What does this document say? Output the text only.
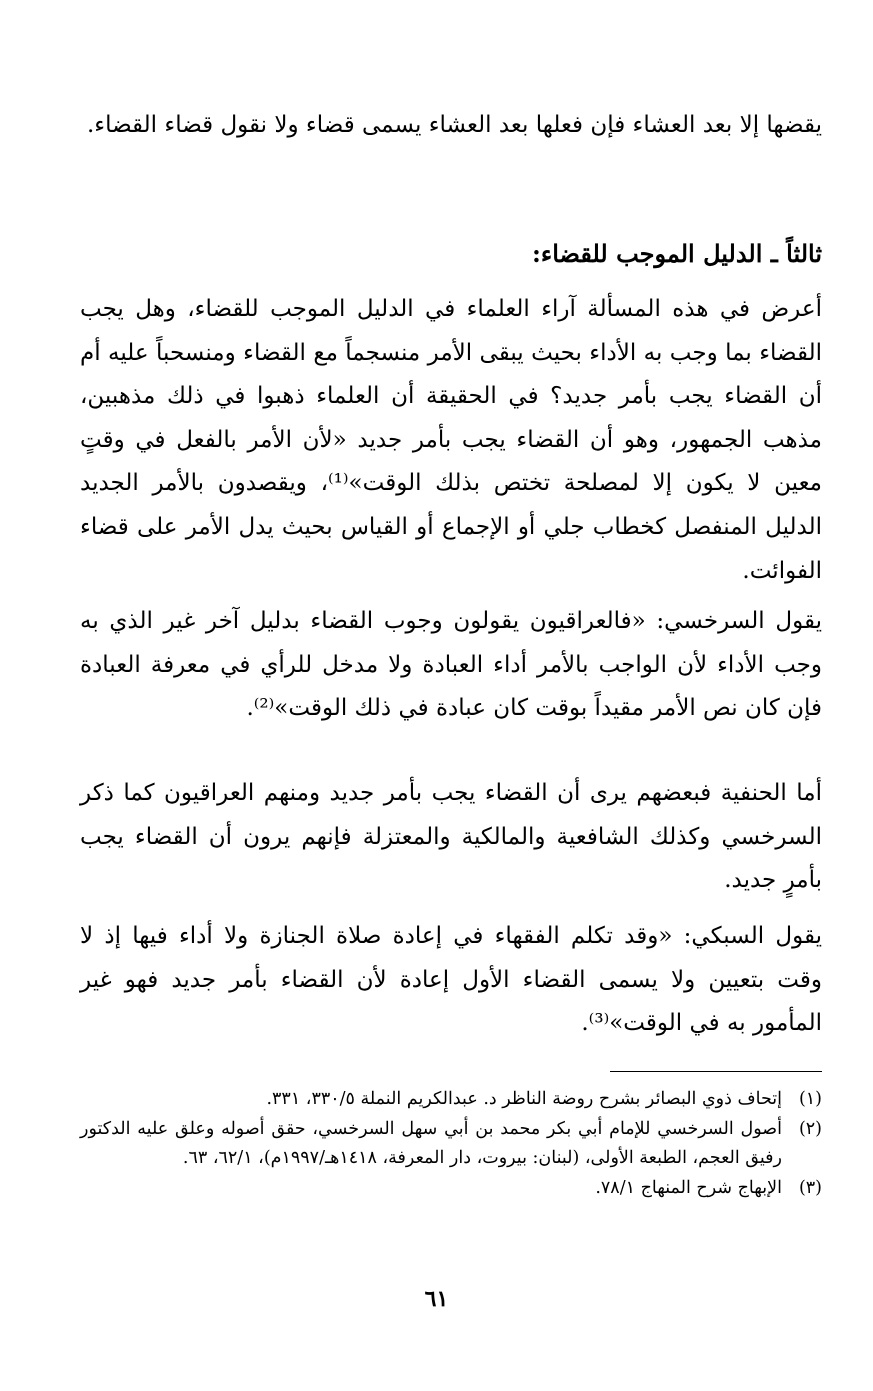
يقضها إلا بعد العشاء فإن فعلها بعد العشاء يسمى قضاء ولا نقول قضاء القضاء.

ثالثاً ـ الدليل الموجب للقضاء:

أعرض في هذه المسألة آراء العلماء في الدليل الموجب للقضاء، وهل يجب القضاء بما وجب به الأداء بحيث يبقى الأمر منسجماً مع القضاء ومنسحباً عليه أم أن القضاء يجب بأمر جديد؟ في الحقيقة أن العلماء ذهبوا في ذلك مذهبين، مذهب الجمهور، وهو أن القضاء يجب بأمر جديد «لأن الأمر بالفعل في وقتٍ معين لا يكون إلا لمصلحة تختص بذلك الوقت»⁽¹⁾، ويقصدون بالأمر الجديد الدليل المنفصل كخطاب جلي أو الإجماع أو القياس بحيث يدل الأمر على قضاء الفوائت.

يقول السرخسي: «فالعراقيون يقولون وجوب القضاء بدليل آخر غير الذي به وجب الأداء لأن الواجب بالأمر أداء العبادة ولا مدخل للرأي في معرفة العبادة فإن كان نص الأمر مقيداً بوقت كان عبادة في ذلك الوقت»⁽²⁾.

أما الحنفية فبعضهم يرى أن القضاء يجب بأمر جديد ومنهم العراقيون كما ذكر السرخسي وكذلك الشافعية والمالكية والمعتزلة فإنهم يرون أن القضاء يجب بأمرٍ جديد.

يقول السبكي: «وقد تكلم الفقهاء في إعادة صلاة الجنازة ولا أداء فيها إذ لا وقت بتعيين ولا يسمى القضاء الأول إعادة لأن القضاء بأمر جديد فهو غير المأمور به في الوقت»⁽³⁾.

(١)
إتحاف ذوي البصائر بشرح روضة الناظر د. عبدالكريم النملة ٣٣٠/٥، ٣٣١.
(٢)
أصول السرخسي للإمام أبي بكر محمد بن أبي سهل السرخسي، حقق أصوله وعلق عليه الدكتور رفيق العجم، الطبعة الأولى، (لبنان: بيروت، دار المعرفة، ١٤١٨هـ/١٩٩٧م)، ٦٢/١، ٦٣.
(٣)
الإبهاج شرح المنهاج ٧٨/١.
٦١
